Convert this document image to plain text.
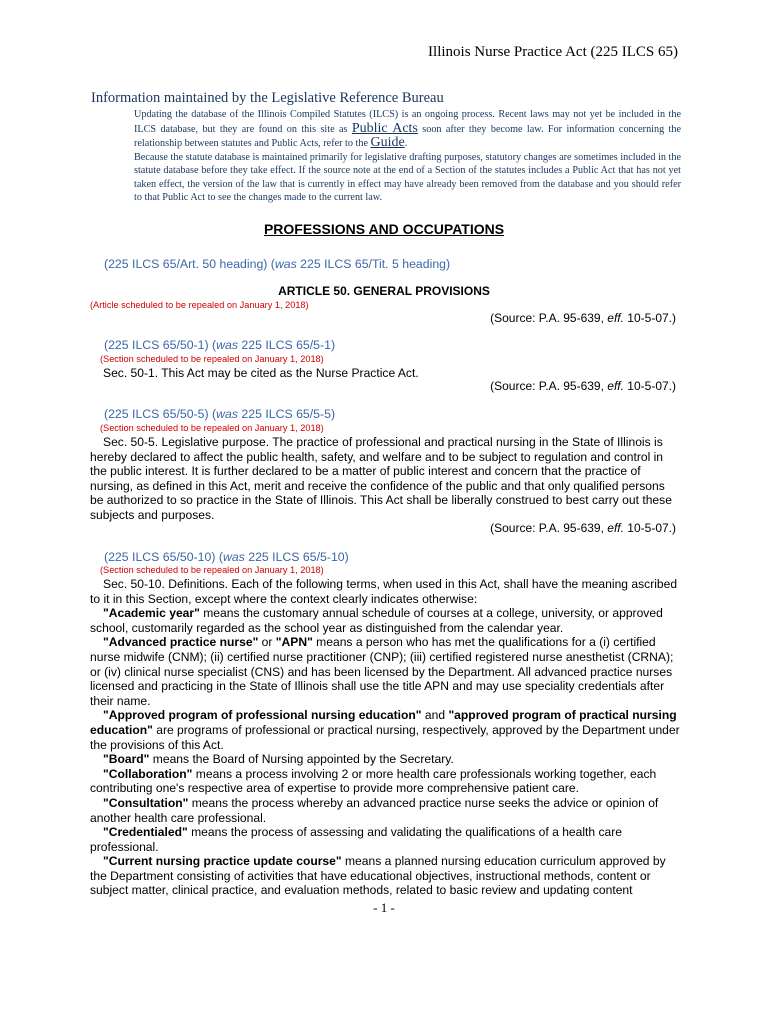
Illinois Nurse Practice Act (225 ILCS 65)
Information maintained by the Legislative Reference Bureau

Updating the database of the Illinois Compiled Statutes (ILCS) is an ongoing process. Recent laws may not yet be included in the ILCS database, but they are found on this site as Public Acts soon after they become law. For information concerning the relationship between statutes and Public Acts, refer to the Guide.

Because the statute database is maintained primarily for legislative drafting purposes, statutory changes are sometimes included in the statute database before they take effect. If the source note at the end of a Section of the statutes includes a Public Act that has not yet taken effect, the version of the law that is currently in effect may have already been removed from the database and you should refer to that Public Act to see the changes made to the current law.

PROFESSIONS AND OCCUPATIONS
(225 ILCS 65/Art. 50 heading) (was 225 ILCS 65/Tit. 5 heading)
ARTICLE 50. GENERAL PROVISIONS
(Article scheduled to be repealed on January 1, 2018)
(Source: P.A. 95-639, eff. 10-5-07.)
(225 ILCS 65/50-1) (was 225 ILCS 65/5-1)
(Section scheduled to be repealed on January 1, 2018)
Sec. 50-1. This Act may be cited as the Nurse Practice Act.
(Source: P.A. 95-639, eff. 10-5-07.)
(225 ILCS 65/50-5) (was 225 ILCS 65/5-5)
(Section scheduled to be repealed on January 1, 2018)
Sec. 50-5. Legislative purpose. The practice of professional and practical nursing in the State of Illinois is hereby declared to affect the public health, safety, and welfare and to be subject to regulation and control in the public interest. It is further declared to be a matter of public interest and concern that the practice of nursing, as defined in this Act, merit and receive the confidence of the public and that only qualified persons be authorized to so practice in the State of Illinois. This Act shall be liberally construed to best carry out these subjects and purposes.
(Source: P.A. 95-639, eff. 10-5-07.)
(225 ILCS 65/50-10) (was 225 ILCS 65/5-10)
(Section scheduled to be repealed on January 1, 2018)

Sec. 50-10. Definitions. Each of the following terms, when used in this Act, shall have the meaning ascribed to it in this Section, except where the context clearly indicates otherwise:

"Academic year" means the customary annual schedule of courses at a college, university, or approved school, customarily regarded as the school year as distinguished from the calendar year.

"Advanced practice nurse" or "APN" means a person who has met the qualifications for a (i) certified nurse midwife (CNM); (ii) certified nurse practitioner (CNP); (iii) certified registered nurse anesthetist (CRNA); or (iv) clinical nurse specialist (CNS) and has been licensed by the Department. All advanced practice nurses licensed and practicing in the State of Illinois shall use the title APN and may use speciality credentials after their name.

"Approved program of professional nursing education" and "approved program of practical nursing education" are programs of professional or practical nursing, respectively, approved by the Department under the provisions of this Act.

"Board" means the Board of Nursing appointed by the Secretary.

"Collaboration" means a process involving 2 or more health care professionals working together, each contributing one's respective area of expertise to provide more comprehensive patient care.

"Consultation" means the process whereby an advanced practice nurse seeks the advice or opinion of another health care professional.

"Credentialed" means the process of assessing and validating the qualifications of a health care professional.

"Current nursing practice update course" means a planned nursing education curriculum approved by the Department consisting of activities that have educational objectives, instructional methods, content or subject matter, clinical practice, and evaluation methods, related to basic review and updating content

- 1 -
